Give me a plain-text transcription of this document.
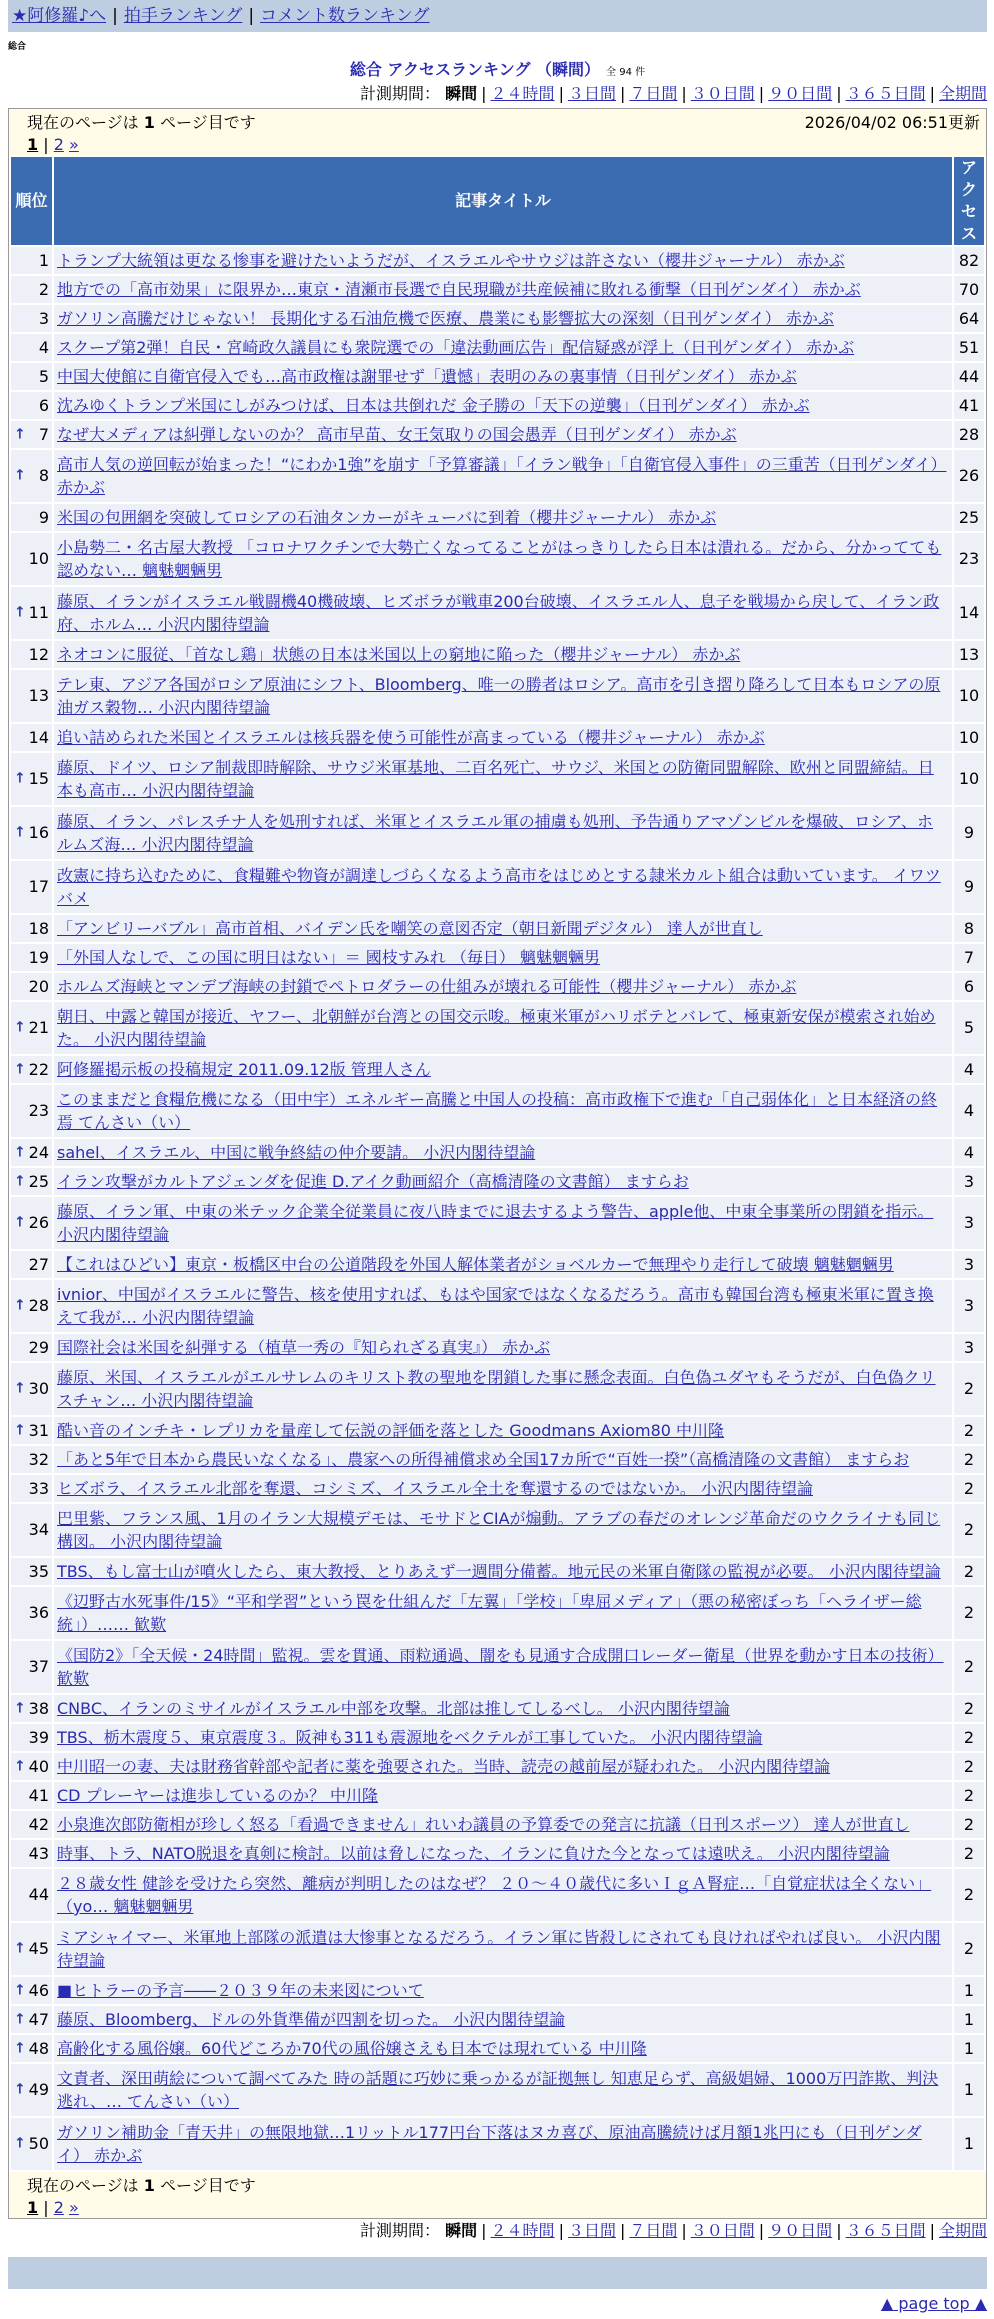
★阿修羅♪へ | 拍手ランキング | コメント数ランキング
総合
総合 アクセスランキング （瞬間） 全 94 件
計測期間： 瞬間 | ２４時間 | ３日間 | ７日間 | ３０日間 | ９０日間 | ３６５日間 | 全期間
現在のページは 1 ページ目です	2026/04/02 06:51更新
1 | 2 »
順位	記事タイトル	アクセス
1	トランプ大統領は更なる惨事を避けたいようだが、イスラエルやサウジは許さない（櫻井ジャーナル） 赤かぶ	82
2	地方での「高市効果」に限界か…東京・清瀬市長選で自民現職が共産候補に敗れる衝撃（日刊ゲンダイ） 赤かぶ	70
3	ガソリン高騰だけじゃない！ 長期化する石油危機で医療、農業にも影響拡大の深刻（日刊ゲンダイ） 赤かぶ	64
4	スクープ第2弾！自民・宮崎政久議員にも衆院選での「違法動画広告」配信疑惑が浮上（日刊ゲンダイ） 赤かぶ	51
5	中国大使館に自衛官侵入でも…高市政権は謝罪せず「遺憾」表明のみの裏事情（日刊ゲンダイ） 赤かぶ	44
6	沈みゆくトランプ米国にしがみつけば、日本は共倒れだ 金子勝の「天下の逆襲」（日刊ゲンダイ） 赤かぶ	41

↑ 7	なぜ大メディアは糾弾しないのか？ 高市早苗、女王気取りの国会愚弄（日刊ゲンダイ） 赤かぶ	28

↑ 8	高市人気の逆回転が始まった！“にわか1強”を崩す「予算審議」「イラン戦争」「自衛官侵入事件」の三重苦（日刊ゲンダイ） 赤かぶ	26
9	米国の包囲網を突破してロシアの石油タンカーがキューバに到着（櫻井ジャーナル） 赤かぶ	25
10	小島勢二・名古屋大教授 「コロナワクチンで大勢亡くなってることがはっきりしたら日本は潰れる。だから、分かってても認めない… 魑魅魍魎男	23

↑ 11	藤原、イランがイスラエル戦闘機40機破壊、ヒズボラが戦車200台破壊、イスラエル人、息子を戦場から戻して、イラン政府、ホルム… 小沢内閣待望論	14
12	ネオコンに服従、「首なし鶏」状態の日本は米国以上の窮地に陥った（櫻井ジャーナル） 赤かぶ	13
13	テレ東、アジア各国がロシア原油にシフト、Bloomberg、唯一の勝者はロシア。高市を引き摺り降ろして日本もロシアの原油ガス穀物… 小沢内閣待望論	10
14	追い詰められた米国とイスラエルは核兵器を使う可能性が高まっている（櫻井ジャーナル） 赤かぶ	10

↑ 15	藤原、ドイツ、ロシア制裁即時解除、サウジ米軍基地、二百名死亡、サウジ、米国との防衛同盟解除、欧州と同盟締結。日本も高市… 小沢内閣待望論	10

↑ 16	藤原、イラン、パレスチナ人を処刑すれば、米軍とイスラエル軍の捕虜も処刑、予告通りアマゾンビルを爆破、ロシア、ホルムズ海… 小沢内閣待望論	9
17	改憲に持ち込むために、食糧難や物資が調達しづらくなるよう高市をはじめとする隷米カルト組合は動いています。 イワツバメ	9
18	「アンビリーバブル」高市首相、バイデン氏を嘲笑の意図否定（朝日新聞デジタル） 達人が世直し	8
19	「外国人なしで、この国に明日はない」＝ 國枝すみれ （毎日） 魑魅魍魎男	7
20	ホルムズ海峡とマンデブ海峡の封鎖でペトロダラーの仕組みが壊れる可能性（櫻井ジャーナル） 赤かぶ	6

↑ 21	朝日、中露と韓国が接近、ヤフー、北朝鮮が台湾との国交示唆。極東米軍がハリボテとバレて、極東新安保が模索され始めた。 小沢内閣待望論	5

↑ 22	阿修羅掲示板の投稿規定 2011.09.12版 管理人さん	4
23	このままだと食糧危機になる（田中宇）エネルギー高騰と中国人の投稿：高市政権下で進む「自己弱体化」と日本経済の終焉 てんさい（い）	4

↑ 24	sahel、イスラエル、中国に戦争終結の仲介要請。 小沢内閣待望論	4

↑ 25	イラン攻撃がカルトアジェンダを促進 D.アイク動画紹介（高橋清隆の文書館） ますらお	3

↑ 26	藤原、イラン軍、中東の米テック企業全従業員に夜八時までに退去するよう警告、apple他、中東全事業所の閉鎖を指示。 小沢内閣待望論	3
27	【これはひどい】東京・板橋区中台の公道階段を外国人解体業者がショベルカーで無理やり走行して破壊 魑魅魍魎男	3

↑ 28	ivnior、中国がイスラエルに警告、核を使用すれば、もはや国家ではなくなるだろう。高市も韓国台湾も極東米軍に置き換えて我が… 小沢内閣待望論	3
29	国際社会は米国を糾弾する（植草一秀の『知られざる真実』） 赤かぶ	3

↑ 30	藤原、米国、イスラエルがエルサレムのキリスト教の聖地を閉鎖した事に懸念表面。白色偽ユダヤもそうだが、白色偽クリスチャン… 小沢内閣待望論	2

↑ 31	酷い音のインチキ・レプリカを量産して伝説の評価を落とした Goodmans Axiom80 中川隆	2
32	「あと5年で日本から農民いなくなる」、農家への所得補償求め全国17カ所で“百姓一揆”（高橋清隆の文書館） ますらお	2
33	ヒズボラ、イスラエル北部を奪還、コシミズ、イスラエル全土を奪還するのではないか。 小沢内閣待望論	2
34	巴里紫、フランス風、1月のイラン大規模デモは、モサドとCIAが煽動。アラブの春だのオレンジ革命だのウクライナも同じ構図。 小沢内閣待望論	2
35	TBS、もし富士山が噴火したら、東大教授、とりあえず一週間分備蓄。地元民の米軍自衛隊の監視が必要。 小沢内閣待望論	2
36	《辺野古水死事件/15》“平和学習”という罠を仕組んだ「左翼」「学校」「卑屈メディア」（悪の秘密ぼっち「ヘライザー総統」）…… 歓歎	2
37	《国防2》「全天候・24時間」監視。雲を貫通、雨粒通過、闇をも見通す合成開口レーダー衛星（世界を動かす日本の技術） 歓歎	2

↑ 38	CNBC、イランのミサイルがイスラエル中部を攻撃。北部は推してしるべし。 小沢内閣待望論	2
39	TBS、栃木震度５、東京震度３。阪神も311も震源地をベクテルが工事していた。 小沢内閣待望論	2

↑ 40	中川昭一の妻、夫は財務省幹部や記者に薬を強要された。当時、読売の越前屋が疑われた。 小沢内閣待望論	2
41	CD プレーヤーは進歩しているのか？ 中川隆	2
42	小泉進次郎防衛相が珍しく怒る「看過できません」れいわ議員の予算委での発言に抗議（日刊スポーツ） 達人が世直し	2
43	時事、トラ、NATO脱退を真剣に検討。以前は脅しになった、イランに負けた今となっては遠吠え。 小沢内閣待望論	2
44	２８歳女性 健診を受けたら突然、離病が判明したのはなぜ？ ２０～４０歳代に多いＩｇＡ腎症…「自覚症状は全くない」 （yo… 魑魅魍魎男	2

↑ 45	ミアシャイマー、米軍地上部隊の派遣は大惨事となるだろう。イラン軍に皆殺しにされても良ければやれば良い。 小沢内閣待望論	2

↑ 46	■ヒトラーの予言――２０３９年の未来図について	1

↑ 47	藤原、Bloomberg、ドルの外貨準備が四割を切った。 小沢内閣待望論	1

↑ 48	高齢化する風俗嬢。60代どころか70代の風俗嬢さえも日本では現れている 中川隆	1

↑ 49	文責者、深田萌絵について調べてみた 時の話題に巧妙に乗っかるが証拠無し 知恵足らず、高級娼婦、1000万円詐欺、判決逃れ、… てんさい（い）	1

↑ 50	ガソリン補助金「青天井」の無限地獄…1リットル177円台下落はヌカ喜び、原油高騰続けば月額1兆円にも（日刊ゲンダイ） 赤かぶ	1
現在のページは 1 ページ目です
1 | 2 »
計測期間： 瞬間 | ２４時間 | ３日間 | ７日間 | ３０日間 | ９０日間 | ３６５日間 | 全期間
▲ page top ▲
